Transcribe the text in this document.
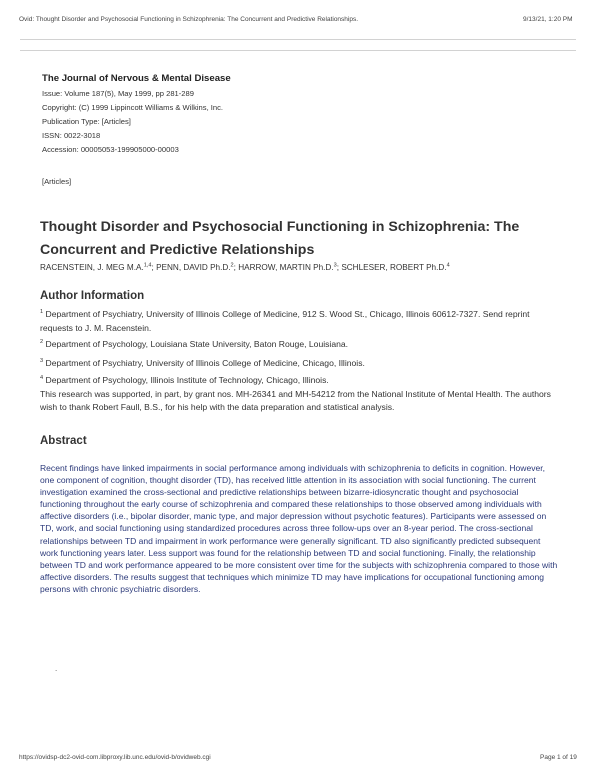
Ovid: Thought Disorder and Psychosocial Functioning in Schizophrenia: The Concurrent and Predictive Relationships.	9/13/21, 1:20 PM
The Journal of Nervous & Mental Disease
Issue: Volume 187(5), May 1999, pp 281-289
Copyright: (C) 1999 Lippincott Williams & Wilkins, Inc.
Publication Type: [Articles]
ISSN: 0022-3018
Accession: 00005053-199905000-00003
[Articles]
Thought Disorder and Psychosocial Functioning in Schizophrenia: The Concurrent and Predictive Relationships
RACENSTEIN, J. MEG M.A.$^{1,4}$; PENN, DAVID Ph.D.$^2$; HARROW, MARTIN Ph.D.$^3$; SCHLESER, ROBERT Ph.D.$^4$
Author Information
$^1$ Department of Psychiatry, University of Illinois College of Medicine, 912 S. Wood St., Chicago, Illinois 60612-7327. Send reprint requests to J. M. Racenstein.
$^2$ Department of Psychology, Louisiana State University, Baton Rouge, Louisiana.
$^3$ Department of Psychiatry, University of Illinois College of Medicine, Chicago, Illinois.
$^4$ Department of Psychology, Illinois Institute of Technology, Chicago, Illinois.
This research was supported, in part, by grant nos. MH-26341 and MH-54212 from the National Institute of Mental Health. The authors wish to thank Robert Faull, B.S., for his help with the data preparation and statistical analysis.
Abstract
Recent findings have linked impairments in social performance among individuals with schizophrenia to deficits in cognition. However, one component of cognition, thought disorder (TD), has received little attention in its association with social functioning. The current investigation examined the cross-sectional and predictive relationships between bizarre-idiosyncratic thought and psychosocial functioning throughout the early course of schizophrenia and compared these relationships to those observed among individuals with affective disorders (i.e., bipolar disorder, manic type, and major depression without psychotic features). Participants were assessed on TD, work, and social functioning using standardized procedures across three follow-ups over an 8-year period. The cross-sectional relationships between TD and impairment in work performance were generally significant. TD also significantly predicted subsequent work functioning years later. Less support was found for the relationship between TD and social functioning. Finally, the relationship between TD and work performance appeared to be more consistent over time for the subjects with schizophrenia compared to those with affective disorders. The results suggest that techniques which minimize TD may have implications for occupational functioning among persons with chronic psychiatric disorders.
.
https://ovidsp-dc2-ovid-com.libproxy.lib.unc.edu/ovid-b/ovidweb.cgi	Page 1 of 19
